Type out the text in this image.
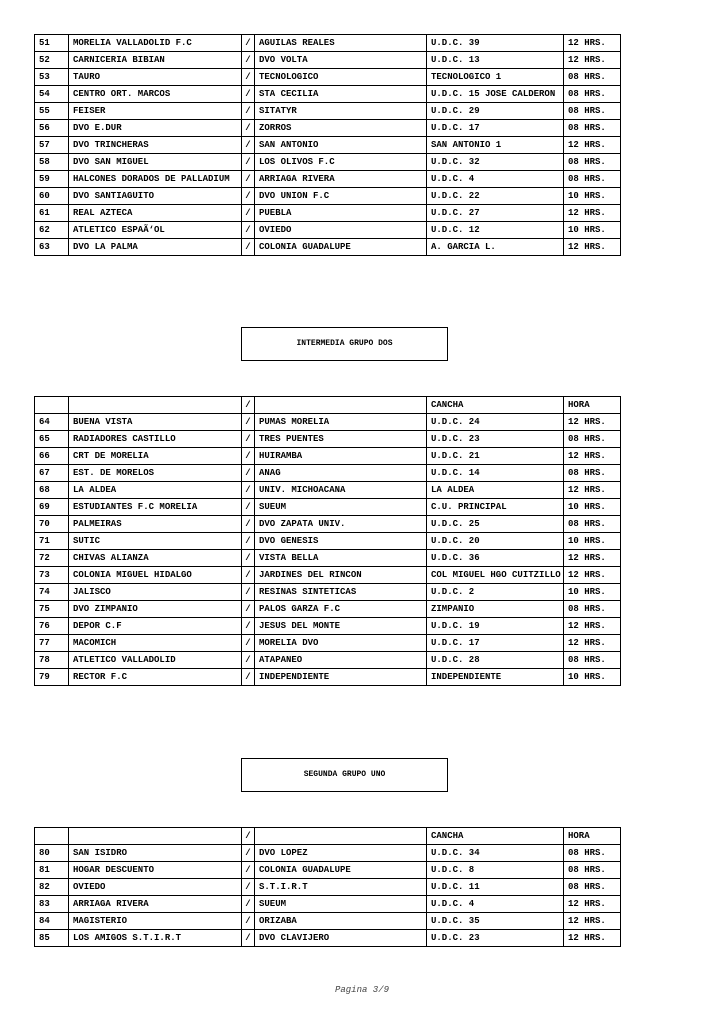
51	MORELIA VALLADOLID F.C	/	AGUILAS REALES	U.D.C. 39	12 HRS.
52	CARNICERIA BIBIAN	/	DVO VOLTA	U.D.C. 13	12 HRS.
53	TAURO	/	TECNOLOGICO	TECNOLOGICO 1	08 HRS.
54	CENTRO ORT. MARCOS	/	STA CECILIA	U.D.C. 15 JOSE CALDERON	08 HRS.
55	FEISER	/	SITATYR	U.D.C. 29	08 HRS.
56	DVO E.DUR	/	ZORROS	U.D.C. 17	08 HRS.
57	DVO TRINCHERAS	/	SAN ANTONIO	SAN ANTONIO 1	12 HRS.
58	DVO SAN MIGUEL	/	LOS OLIVOS F.C	U.D.C. 32	08 HRS.
59	HALCONES DORADOS DE PALLADIUM	/	ARRIAGA RIVERA	U.D.C. 4	08 HRS.
60	DVO SANTIAGUITO	/	DVO UNION F.C	U.D.C. 22	10 HRS.
61	REAL AZTECA	/	PUEBLA	U.D.C. 27	12 HRS.
62	ATLETICO ESPAÃ‘OL	/	OVIEDO	U.D.C. 12	10 HRS.
63	DVO LA PALMA	/	COLONIA GUADALUPE	A. GARCIA L.	12 HRS.
INTERMEDIA GRUPO DOS
		/		CANCHA	HORA
64	BUENA VISTA	/	PUMAS MORELIA	U.D.C. 24	12 HRS.
65	RADIADORES CASTILLO	/	TRES PUENTES	U.D.C. 23	08 HRS.
66	CRT DE MORELIA	/	HUIRAMBA	U.D.C. 21	12 HRS.
67	EST. DE MORELOS	/	ANAG	U.D.C. 14	08 HRS.
68	LA ALDEA	/	UNIV. MICHOACANA	LA ALDEA	12 HRS.
69	ESTUDIANTES F.C MORELIA	/	SUEUM	C.U. PRINCIPAL	10 HRS.
70	PALMEIRAS	/	DVO ZAPATA UNIV.	U.D.C. 25	08 HRS.
71	SUTIC	/	DVO GENESIS	U.D.C. 20	10 HRS.
72	CHIVAS ALIANZA	/	VISTA BELLA	U.D.C. 36	12 HRS.
73	COLONIA MIGUEL HIDALGO	/	JARDINES DEL RINCON	COL MIGUEL HGO CUITZILLO	12 HRS.
74	JALISCO	/	RESINAS SINTETICAS	U.D.C. 2	10 HRS.
75	DVO ZIMPANIO	/	PALOS GARZA F.C	ZIMPANIO	08 HRS.
76	DEPOR C.F	/	JESUS DEL MONTE	U.D.C. 19	12 HRS.
77	MACOMICH	/	MORELIA DVO	U.D.C. 17	12 HRS.
78	ATLETICO VALLADOLID	/	ATAPANEO	U.D.C. 28	08 HRS.
79	RECTOR F.C	/	INDEPENDIENTE	INDEPENDIENTE	10 HRS.
SEGUNDA GRUPO UNO
		/		CANCHA	HORA
80	SAN ISIDRO	/	DVO LOPEZ	U.D.C. 34	08 HRS.
81	HOGAR DESCUENTO	/	COLONIA GUADALUPE	U.D.C. 8	08 HRS.
82	OVIEDO	/	S.T.I.R.T	U.D.C. 11	08 HRS.
83	ARRIAGA RIVERA	/	SUEUM	U.D.C. 4	12 HRS.
84	MAGISTERIO	/	ORIZABA	U.D.C. 35	12 HRS.
85	LOS AMIGOS S.T.I.R.T	/	DVO CLAVIJERO	U.D.C. 23	12 HRS.
Pagina 3/9
